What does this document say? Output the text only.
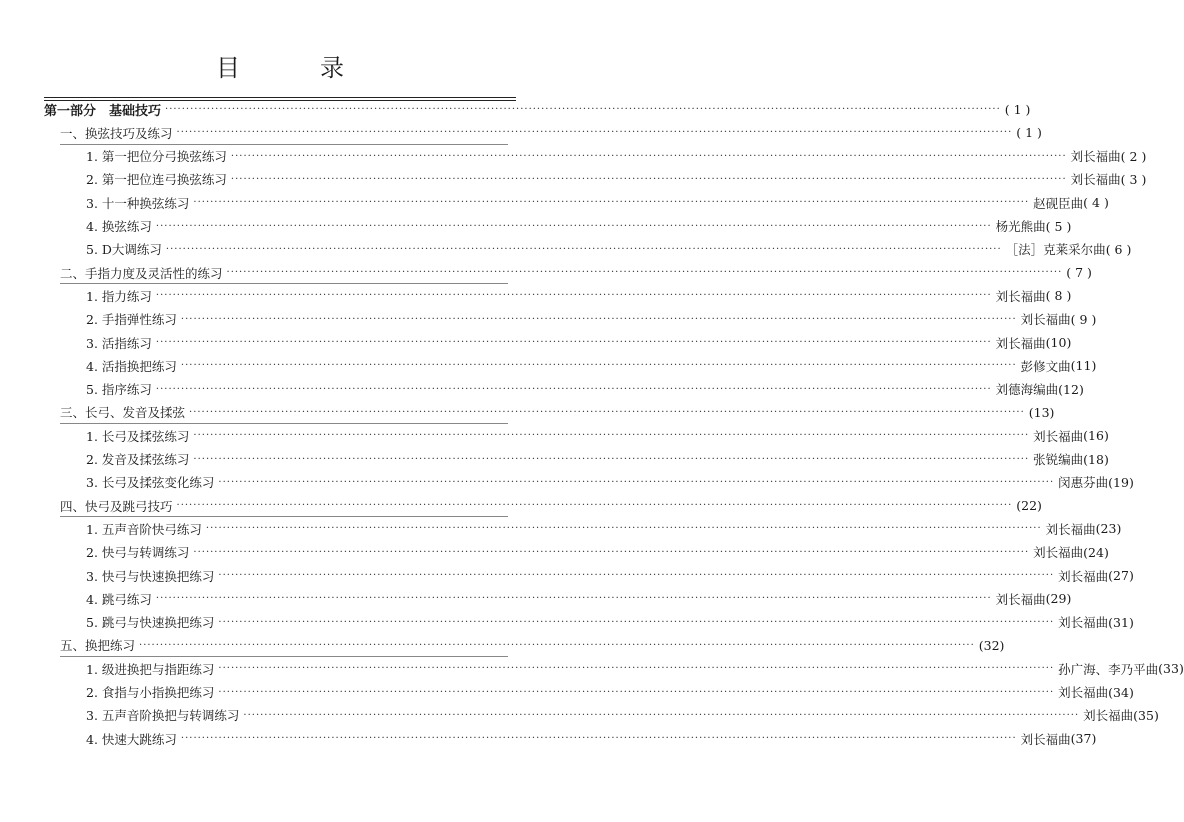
目　录
第一部分　基础技巧 ········································································································································································································ ( 1 )
一、换弦技巧及练习 ········································································································································································································ ( 1 )
1. 第一把位分弓换弦练习 ········································································································································································································ 刘长福曲 ( 2 )
2. 第一把位连弓换弦练习 ········································································································································································································ 刘长福曲 ( 3 )
3. 十一种换弦练习 ········································································································································································································ 赵砚臣曲 ( 4 )
4. 换弦练习 ········································································································································································································ 杨光熊曲 ( 5 )
5. D大调练习 ········································································································································································································ ［法］克莱采尔曲 ( 6 )
二、手指力度及灵活性的练习 ········································································································································································································ ( 7 )
1. 指力练习 ········································································································································································································ 刘长福曲 ( 8 )
2. 手指弹性练习 ········································································································································································································ 刘长福曲 ( 9 )
3. 活指练习 ········································································································································································································ 刘长福曲 (10)
4. 活指换把练习 ········································································································································································································ 彭修文曲 (11)
5. 指序练习 ········································································································································································································ 刘德海编曲 (12)
三、长弓、发音及揉弦 ········································································································································································································ (13)
1. 长弓及揉弦练习 ········································································································································································································ 刘长福曲 (16)
2. 发音及揉弦练习 ········································································································································································································ 张锐编曲 (18)
3. 长弓及揉弦变化练习 ········································································································································································································ 闵惠芬曲 (19)
四、快弓及跳弓技巧 ········································································································································································································ (22)
1. 五声音阶快弓练习 ········································································································································································································ 刘长福曲 (23)
2. 快弓与转调练习 ········································································································································································································ 刘长福曲 (24)
3. 快弓与快速换把练习 ········································································································································································································ 刘长福曲 (27)
4. 跳弓练习 ········································································································································································································ 刘长福曲 (29)
5. 跳弓与快速换把练习 ········································································································································································································ 刘长福曲 (31)
五、换把练习 ········································································································································································································ (32)
1. 级进换把与指距练习 ········································································································································································································ 孙广海、李乃平曲 (33)
2. 食指与小指换把练习 ········································································································································································································ 刘长福曲 (34)
3. 五声音阶换把与转调练习 ········································································································································································································ 刘长福曲 (35)
4. 快速大跳练习 ········································································································································································································ 刘长福曲 (37)
